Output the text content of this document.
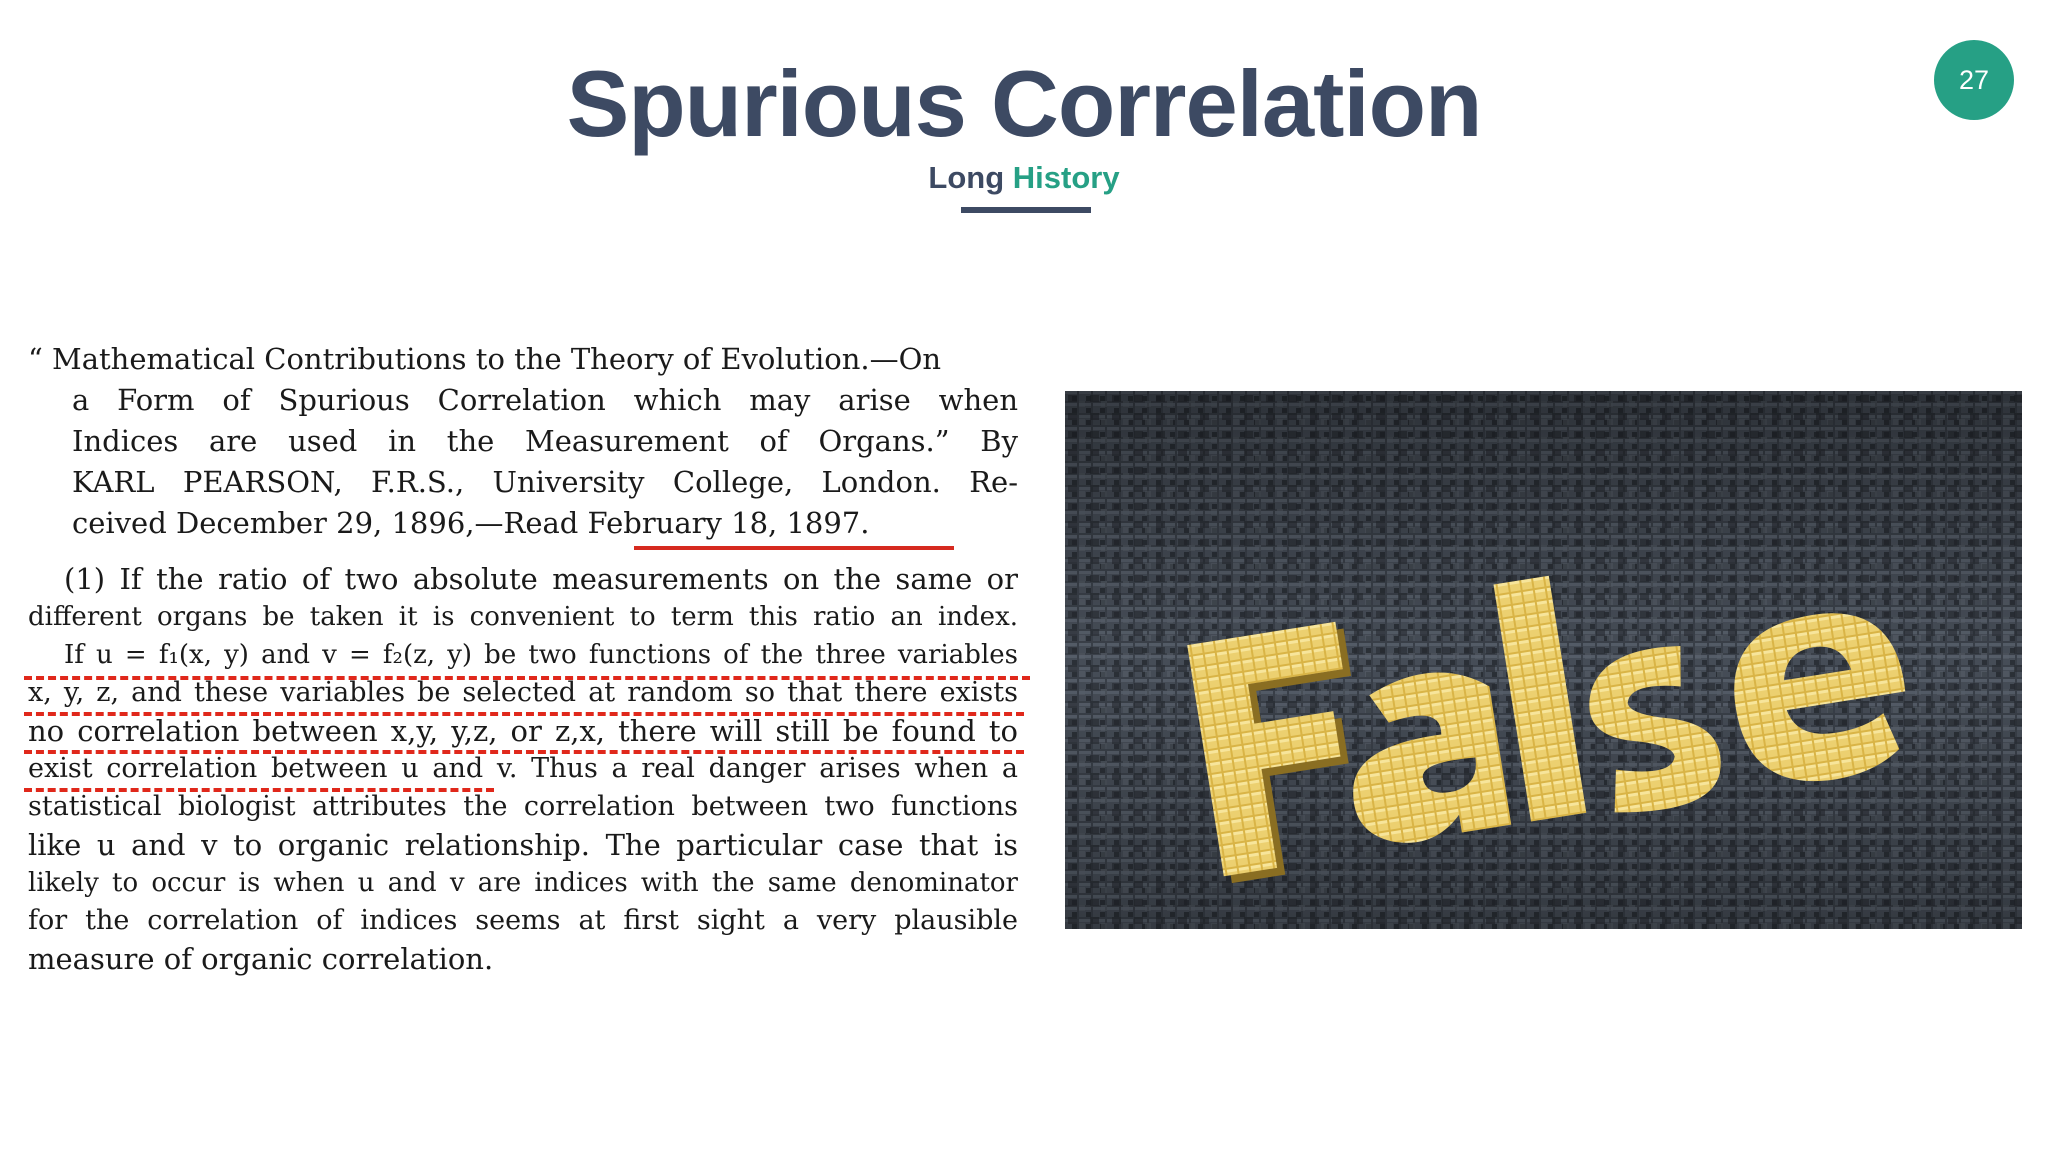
Spurious Correlation
Long History
27
“ Mathematical Contributions to the Theory of Evolution.—On
a Form of Spurious Correlation which may arise when
Indices are used in the Measurement of Organs.” By
KARL PEARSON, F.R.S., University College, London. Re-
ceived December 29, 1896,—Read February 18, 1897.
(1) If the ratio of two absolute measurements on the same or
different organs be taken it is convenient to term this ratio an index.
If u = f₁(x, y) and v = f₂(z, y) be two functions of the three variables
x, y, z, and these variables be selected at random so that there exists
no correlation between x,y, y,z, or z,x, there will still be found to
exist correlation between u and v. Thus a real danger arises when a
statistical biologist attributes the correlation between two functions
like u and v to organic relationship. The particular case that is
likely to occur is when u and v are indices with the same denominator
for the correlation of indices seems at first sight a very plausible
measure of organic correlation.
